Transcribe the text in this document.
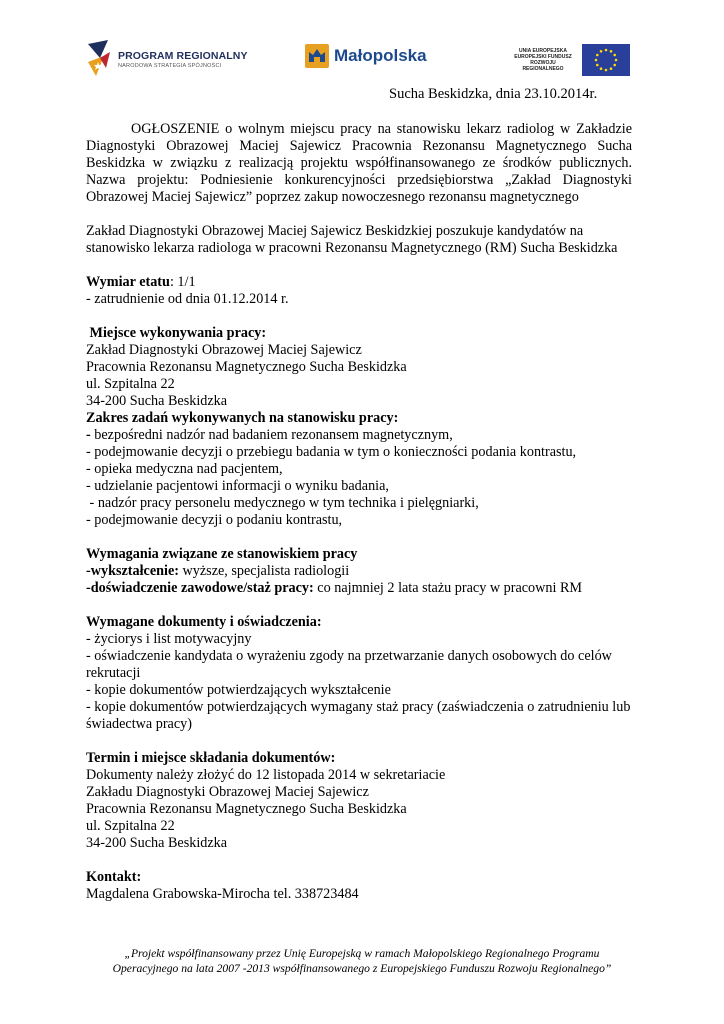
PROGRAM REGIONALNY
NARODOWA STRATEGIA SPÓJNOŚCI
Małopolska	UNIA EUROPEJSKA
EUROPEJSKI FUNDUSZ
ROZWOJU REGIONALNEGO
Sucha Beskidzka, dnia 23.10.2014r.

OGŁOSZENIE o wolnym miejscu pracy na stanowisku lekarz radiolog w Zakładzie Diagnostyki Obrazowej Maciej Sajewicz Pracownia Rezonansu Magnetycznego Sucha Beskidzka w związku z realizacją projektu współfinansowanego ze środków publicznych. Nazwa projektu: Podniesienie konkurencyjności przedsiębiorstwa „Zakład Diagnostyki Obrazowej Maciej Sajewicz” poprzez zakup nowoczesnego rezonansu magnetycznego

Zakład Diagnostyki Obrazowej Maciej Sajewicz Beskidzkiej poszukuje kandydatów na stanowisko lekarza radiologa w pracowni Rezonansu Magnetycznego (RM) Sucha Beskidzka

Wymiar etatu: 1/1

- zatrudnienie od dnia 01.12.2014 r.

Miejsce wykonywania pracy:

Zakład Diagnostyki Obrazowej Maciej Sajewicz

Pracownia Rezonansu Magnetycznego Sucha Beskidzka

ul. Szpitalna 22

34-200 Sucha Beskidzka

Zakres zadań wykonywanych na stanowisku pracy:

- bezpośredni nadzór nad badaniem rezonansem magnetycznym,

- podejmowanie decyzji o przebiegu badania w tym o konieczności podania kontrastu,

- opieka medyczna nad pacjentem,

- udzielanie pacjentowi informacji o wyniku badania,

- nadzór pracy personelu medycznego w tym technika i pielęgniarki,

- podejmowanie decyzji o podaniu kontrastu,

Wymagania związane ze stanowiskiem pracy

-wykształcenie: wyższe, specjalista radiologii

-doświadczenie zawodowe/staż pracy: co najmniej 2 lata stażu pracy w pracowni RM

Wymagane dokumenty i oświadczenia:

- życiorys i list motywacyjny

- oświadczenie kandydata o wyrażeniu zgody na przetwarzanie danych osobowych do celów rekrutacji

- kopie dokumentów potwierdzających wykształcenie

- kopie dokumentów potwierdzających wymagany staż pracy (zaświadczenia o zatrudnieniu lub świadectwa pracy)

Termin i miejsce składania dokumentów:

Dokumenty należy złożyć do 12 listopada 2014 w sekretariacie

Zakładu Diagnostyki Obrazowej Maciej Sajewicz

Pracownia Rezonansu Magnetycznego Sucha Beskidzka

ul. Szpitalna 22

34-200 Sucha Beskidzka

Kontakt:

Magdalena Grabowska-Mirocha tel. 338723484

„Projekt współfinansowany przez Unię Europejską w ramach Małopolskiego Regionalnego Programu
Operacyjnego na lata 2007 -2013 współfinansowanego z Europejskiego Funduszu Rozwoju Regionalnego”
